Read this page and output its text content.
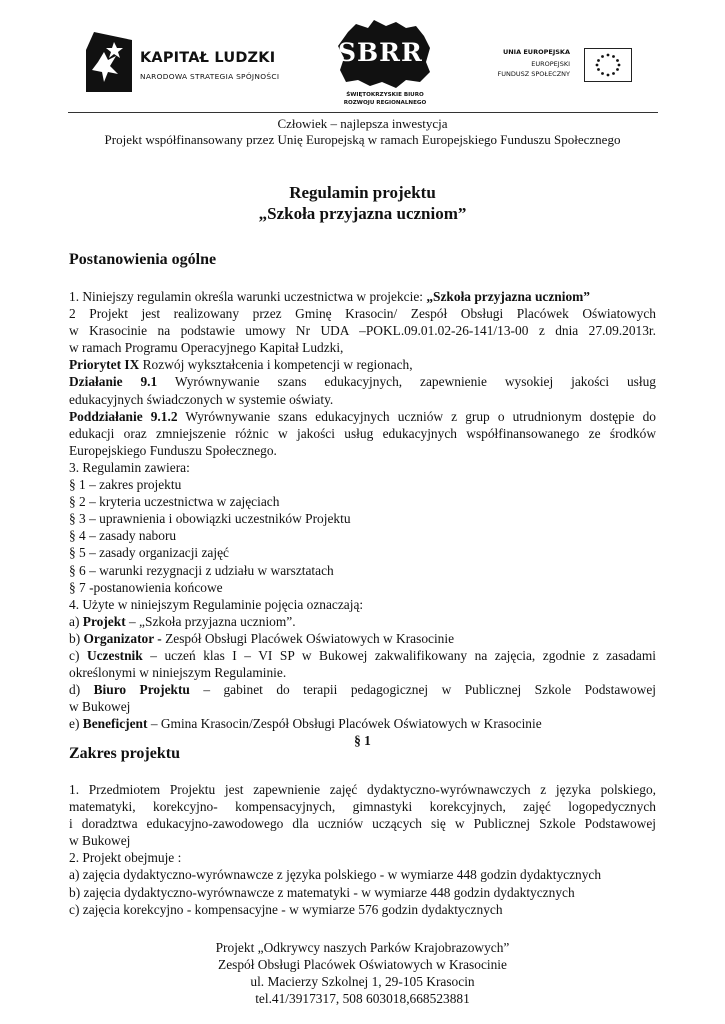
KAPITAŁ LUDZKI
NARODOWA STRATEGIA SPÓJNOŚCI
SBRR
ŚWIĘTOKRZYSKIE BIURO
ROZWOJU REGIONALNEGO
UNIA EUROPEJSKA
EUROPEJSKI
FUNDUSZ SPOŁECZNY
Człowiek – najlepsza inwestycja
Projekt współfinansowany przez Unię Europejską w ramach Europejskiego Funduszu Społecznego
Regulamin projektu
„Szkoła przyjazna uczniom”
Postanowienia ogólne

1. Niniejszy regulamin określa warunki uczestnictwa w projekcie: „Szkoła przyjazna uczniom”

2 Projekt jest realizowany przez Gminę Krasocin/ Zespół Obsługi Placówek Oświatowych

w Krasocinie na podstawie umowy Nr UDA –POKL.09.01.02-26-141/13-00 z dnia 27.09.2013r.

w ramach Programu Operacyjnego Kapitał Ludzki,

Priorytet IX Rozwój wykształcenia i kompetencji w regionach,

Działanie 9.1 Wyrównywanie szans edukacyjnych, zapewnienie wysokiej jakości usług

edukacyjnych świadczonych w systemie oświaty.

Poddziałanie 9.1.2 Wyrównywanie szans edukacyjnych uczniów z grup o utrudnionym dostępie do

edukacji oraz zmniejszenie różnic w jakości usług edukacyjnych współfinansowanego ze środków

Europejskiego Funduszu Społecznego.

3. Regulamin zawiera:

§ 1 – zakres projektu

§ 2 – kryteria uczestnictwa w zajęciach

§ 3 – uprawnienia i obowiązki uczestników Projektu

§ 4 – zasady naboru

§ 5 – zasady organizacji zajęć

§ 6 – warunki rezygnacji z udziału w warsztatach

§ 7 -postanowienia końcowe

4. Użyte w niniejszym Regulaminie pojęcia oznaczają:

a) Projekt – „Szkoła przyjazna uczniom”.

b) Organizator - Zespół Obsługi Placówek Oświatowych w Krasocinie

c) Uczestnik – uczeń klas I – VI SP w Bukowej zakwalifikowany na zajęcia, zgodnie z zasadami

określonymi w niniejszym Regulaminie.

d) Biuro Projektu – gabinet do terapii pedagogicznej w Publicznej Szkole Podstawowej

w Bukowej

e) Beneficjent – Gmina Krasocin/Zespół Obsługi Placówek Oświatowych w Krasocinie

§ 1

Zakres projektu

1. Przedmiotem Projektu jest zapewnienie zajęć dydaktyczno-wyrównawczych z języka polskiego,

matematyki, korekcyjno- kompensacyjnych, gimnastyki korekcyjnych, zajęć logopedycznych

i doradztwa edukacyjno-zawodowego dla uczniów uczących się w Publicznej Szkole Podstawowej

w Bukowej

2. Projekt obejmuje :

a) zajęcia dydaktyczno-wyrównawcze z języka polskiego - w wymiarze 448 godzin dydaktycznych

b) zajęcia dydaktyczno-wyrównawcze z matematyki - w wymiarze 448 godzin dydaktycznych

c) zajęcia korekcyjno - kompensacyjne - w wymiarze 576 godzin dydaktycznych

Projekt „Odkrywcy naszych Parków Krajobrazowych”
Zespół Obsługi Placówek Oświatowych w Krasocinie
ul. Macierzy Szkolnej 1, 29-105 Krasocin
tel.41/3917317, 508 603018,668523881
